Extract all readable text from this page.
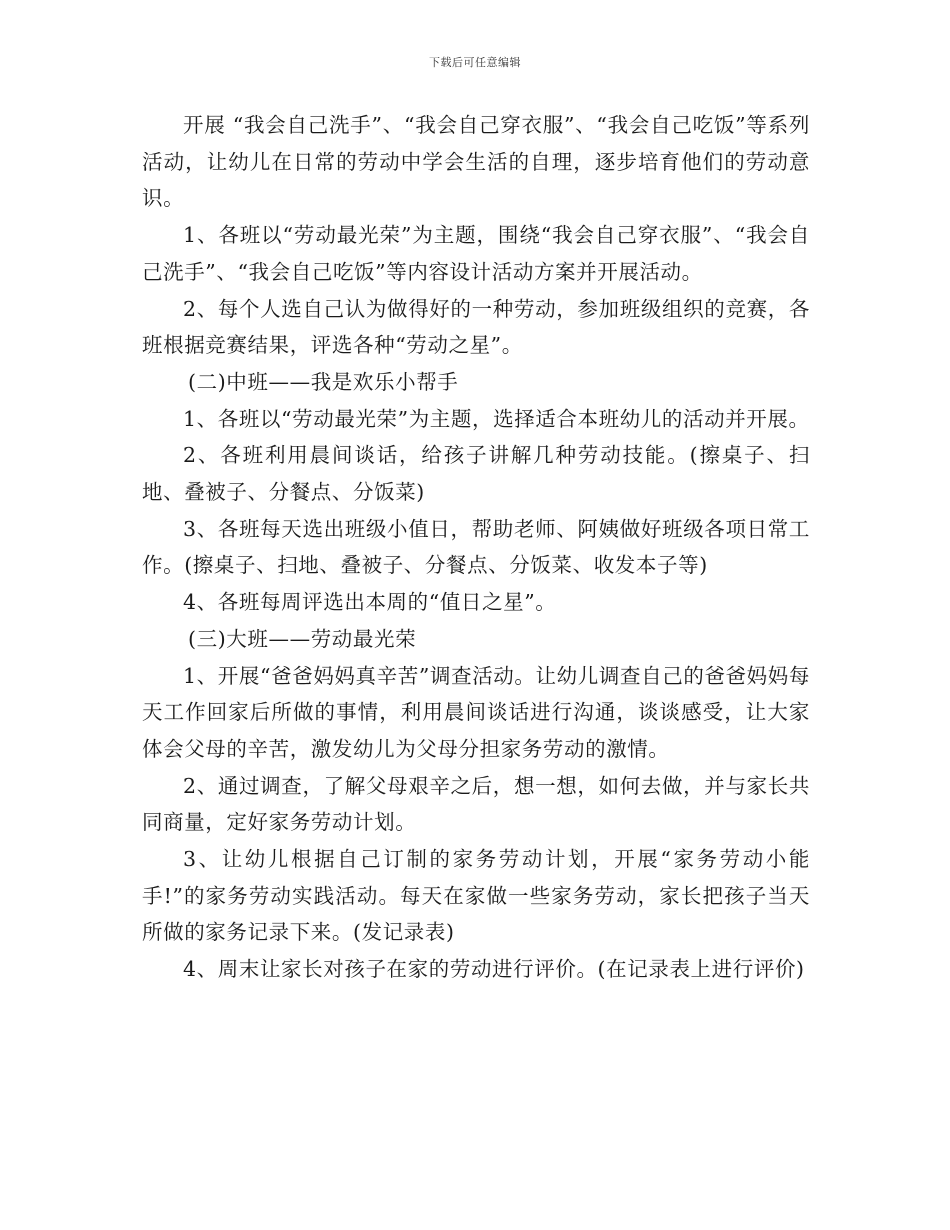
下载后可任意编辑

开展 “我会自己洗手”、“我会自己穿衣服”、“我会自己吃饭”等系列活动，让幼儿在日常的劳动中学会生活的自理，逐步培育他们的劳动意识。

1、各班以“劳动最光荣”为主题，围绕“我会自己穿衣服”、“我会自己洗手”、“我会自己吃饭”等内容设计活动方案并开展活动。

2、每个人选自己认为做得好的一种劳动，参加班级组织的竞赛，各班根据竞赛结果，评选各种“劳动之星”。

(二)中班——我是欢乐小帮手

1、各班以“劳动最光荣”为主题，选择适合本班幼儿的活动并开展。

2、各班利用晨间谈话，给孩子讲解几种劳动技能。(擦桌子、扫地、叠被子、分餐点、分饭菜)

3、各班每天选出班级小值日，帮助老师、阿姨做好班级各项日常工作。(擦桌子、扫地、叠被子、分餐点、分饭菜、收发本子等)

4、各班每周评选出本周的“值日之星”。

(三)大班——劳动最光荣

1、开展“爸爸妈妈真辛苦”调查活动。让幼儿调查自己的爸爸妈妈每天工作回家后所做的事情，利用晨间谈话进行沟通，谈谈感受，让大家体会父母的辛苦，激发幼儿为父母分担家务劳动的激情。

2、通过调查，了解父母艰辛之后，想一想，如何去做，并与家长共同商量，定好家务劳动计划。

3、让幼儿根据自己订制的家务劳动计划，开展“家务劳动小能手!”的家务劳动实践活动。每天在家做一些家务劳动，家长把孩子当天所做的家务记录下来。(发记录表)

4、周末让家长对孩子在家的劳动进行评价。(在记录表上进行评价)
